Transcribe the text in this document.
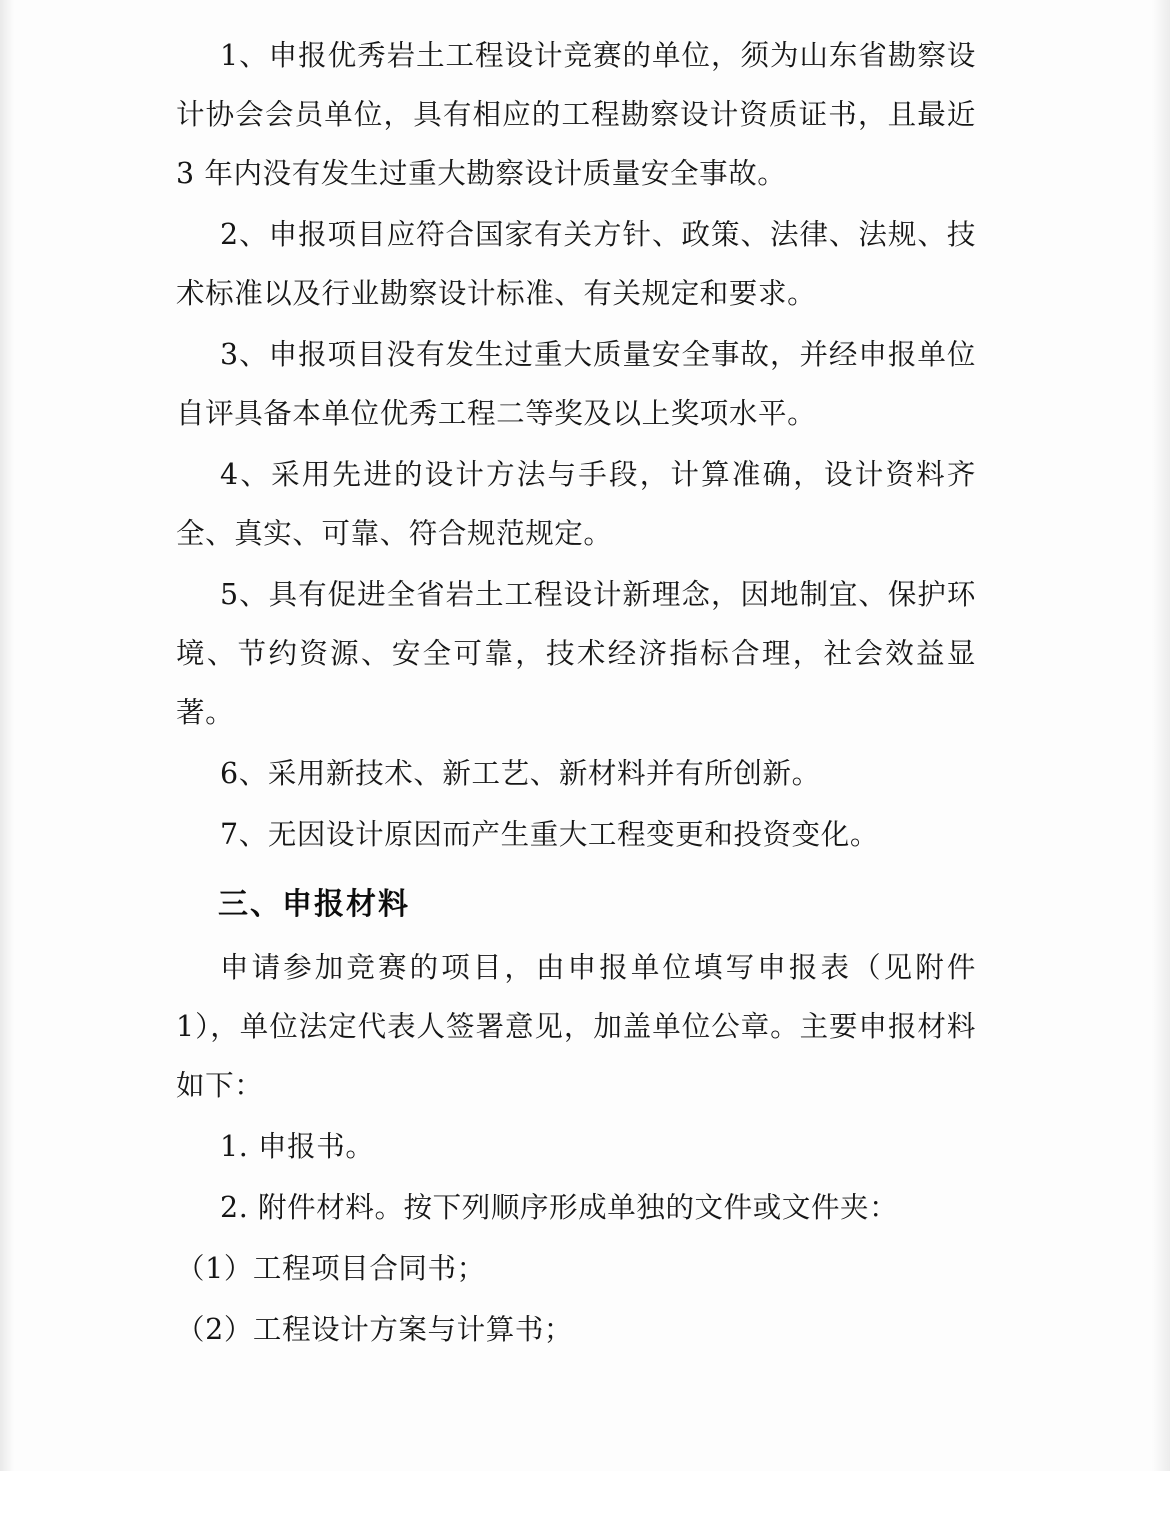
1、申报优秀岩土工程设计竞赛的单位，须为山东省勘察设计协会会员单位，具有相应的工程勘察设计资质证书，且最近 3 年内没有发生过重大勘察设计质量安全事故。

2、申报项目应符合国家有关方针、政策、法律、法规、技术标准以及行业勘察设计标准、有关规定和要求。

3、申报项目没有发生过重大质量安全事故，并经申报单位自评具备本单位优秀工程二等奖及以上奖项水平。

4、采用先进的设计方法与手段，计算准确，设计资料齐全、真实、可靠、符合规范规定。

5、具有促进全省岩土工程设计新理念，因地制宜、保护环境、节约资源、安全可靠，技术经济指标合理，社会效益显著。

6、采用新技术、新工艺、新材料并有所创新。

7、无因设计原因而产生重大工程变更和投资变化。

三、申报材料

申请参加竞赛的项目，由申报单位填写申报表（见附件 1），单位法定代表人签署意见，加盖单位公章。主要申报材料如下：

1. 申报书。

2. 附件材料。按下列顺序形成单独的文件或文件夹：

（1）工程项目合同书；

（2）工程设计方案与计算书；
